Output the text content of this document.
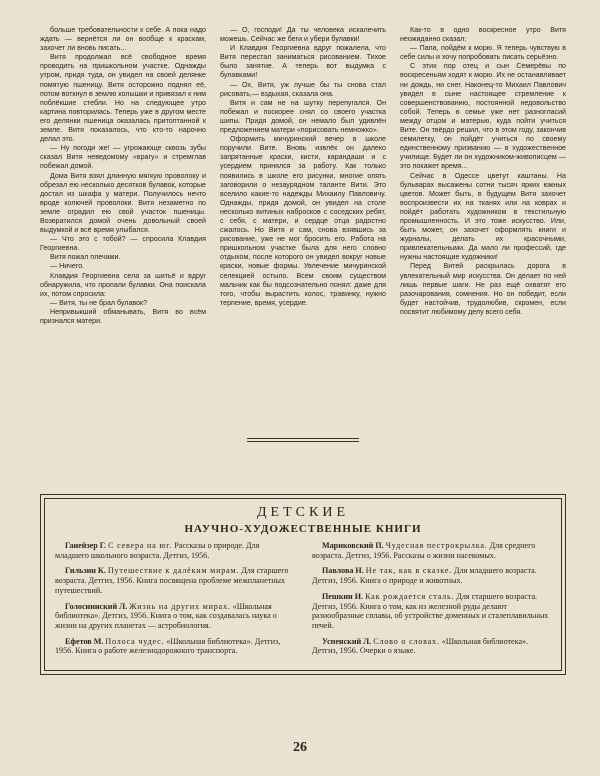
больше требовательности к себе. А пока надо ждать — вернётся ли он вообще к краскам, захочет ли вновь писать...

Витя продолжал всё свободное время проводить на пришкольном участке. Однажды утром, придя туда, он увидел на своей делянке помятую пшеницу. Витя осторожно поднял её, потом воткнул в землю колышки и привязал к ним поблёкшие стебли. Но на следующее утро картина повторилась. Теперь уже в другом месте его делянки пшеница оказалась притоптанной к земле. Витя показалось, что кто-то нарочно делал это.

— Ну погоди же! — угрожающе сквозь зубы сказал Витя неведомому «врагу» и стремглав побежал домой.

Дома Витя взял длинную мягкую проволоку и обрезал ею несколько десятков булавок, которые достал из шкафа у матери. Получилось нечто вроде колючей проволоки. Витя незаметно по земле оградил ею свой участок пшеницы. Возвратился домой очень довольный своей выдумкой и всё время улыбался.

— Что это с тобой? — спросила Клавдия Георгиевна.

Витя пожал плечами.

— Ничего.

Клавдия Георгиевна села за шитьё и вдруг обнаружила, что пропали булавки. Она поискала их, потом спросила:

— Витя, ты не брал булавок?

Непривыкший обманывать, Витя во всём признался матери.

— О, господи! Да ты человека искалечить можешь. Сейчас же беги и убери булавки!

И Клавдия Георгиевна вдруг пожалела, что Витя перестал заниматься рисованием. Тихое было занятие. А теперь вот выдумка с булавками!

— Ох, Витя, уж лучше бы ты снова стал рисовать,— вздыхая, сказала она.

Витя и сам не на шутку перепугался. Он побежал и поскорее снял со своего участка шипы. Придя домой, он немало был удивлён предложением матери «порисовать немножко».

Оформить мичуринский вечер в школе поручили Вите. Вновь извлёк он далеко запрятанные краски, кисти, карандаши и с усердием принялся за работу. Как только появились в школе его рисунки, многие опять заговорили о незаурядном таланте Вити. Это вселило какие-то надежды Михаилу Павловичу. Однажды, придя домой, он увидел на столе несколько витиных набросков с соседских ребят, с себя, с матери, и сердце отца радостно сжалось. Но Витя и сам, снова взявшись за рисование, уже не мог бросить его. Работа на пришкольном участке была для него словно отдыхом, после которого он увидел вокруг новые краски, новые формы. Увлечение мичуринской селекцией остыло. Всем своим существом мальчик как бы подсознательно понял: даже для того, чтобы вырастить колос, травинку, нужно терпение, время, усердие.

Как-то в одно воскресное утро Витя неожиданно сказал:

— Папа, пойдём к морю. Я теперь чувствую в себе силы и хочу попробовать писать серьёзно.

С этих пор отец и сын Семерёвы по воскресеньям ходят к морю. Их не останавливает ни дождь, ни снег. Наконец-то Михаил Павлович увидел в сыне настоящее стремление к совершенствованию, постоянной недовольство собой. Теперь в семье уже нет разногласий между отцом и матерью, куда пойти учиться Вите. Он твёрдо решил, что в этом году, закончив семилетку, он пойдёт учиться по своему единственному призванию — в художественное училище. Будет ли он художником-живописцем — это покажет время...

Сейчас в Одессе цветут каштаны. На бульварах высажены сотни тысяч ярких южных цветов. Может быть, в будущем Витя захочет воспроизвести их на тканях или на коврах и пойдёт работать художником в текстильную промышленность. И это тоже искусство. Или, быть может, он захочет оформлять книги и журналы, делать их красочными, привлекательными. Да мало ли профессий, где нужны настоящие художники!

Перед Витей раскрылась дорога в увлекательный мир искусства. Он делает по ней лишь первые шаги. Не раз ещё охватят его разочарования, сомнения. Но он победит, если будет настойчив, трудолюбив, скромен, если посвятит любимому делу всего себя.

ДЕТСКИЕ
НАУЧНО-ХУДОЖЕСТВЕННЫЕ КНИГИ
Ганейзер Г. С севера на юг. Рассказы о природе. Для младшего школьного возраста. Детгиз, 1956.
Гильзин К. Путешествие к далёким мирам. Для старшего возраста. Детгиз, 1956. Книга посвящена проблеме межпланетных путешествий.
Голоснинский Л. Жизнь на других мирах. «Школьная библиотека». Детгиз, 1956. Книга о том, как создавалась наука о жизни на других планетах — астробиология.
Ефетов М. Полоса чудес. «Школьная библиотека». Детгиз, 1956. Книга о работе железнодорожного транспорта.
Мариковский П. Чудесная пестрокрылка. Для среднего возраста. Детгиз, 1956. Рассказы о жизни насекомых.
Павлова Н. Не так, как в сказке. Для младшего возраста. Детгиз, 1956. Книга о природе и животных.
Пешкин И. Как рождается сталь. Для старшего возраста. Детгиз, 1956. Книга о том, как из железной руды делают разнообразные сплавы, об устройстве доменных и сталеплавильных печей.
Успенский Л. Слово о словах. «Школьная библиотека». Детгиз, 1956. Очерки о языке.
26
